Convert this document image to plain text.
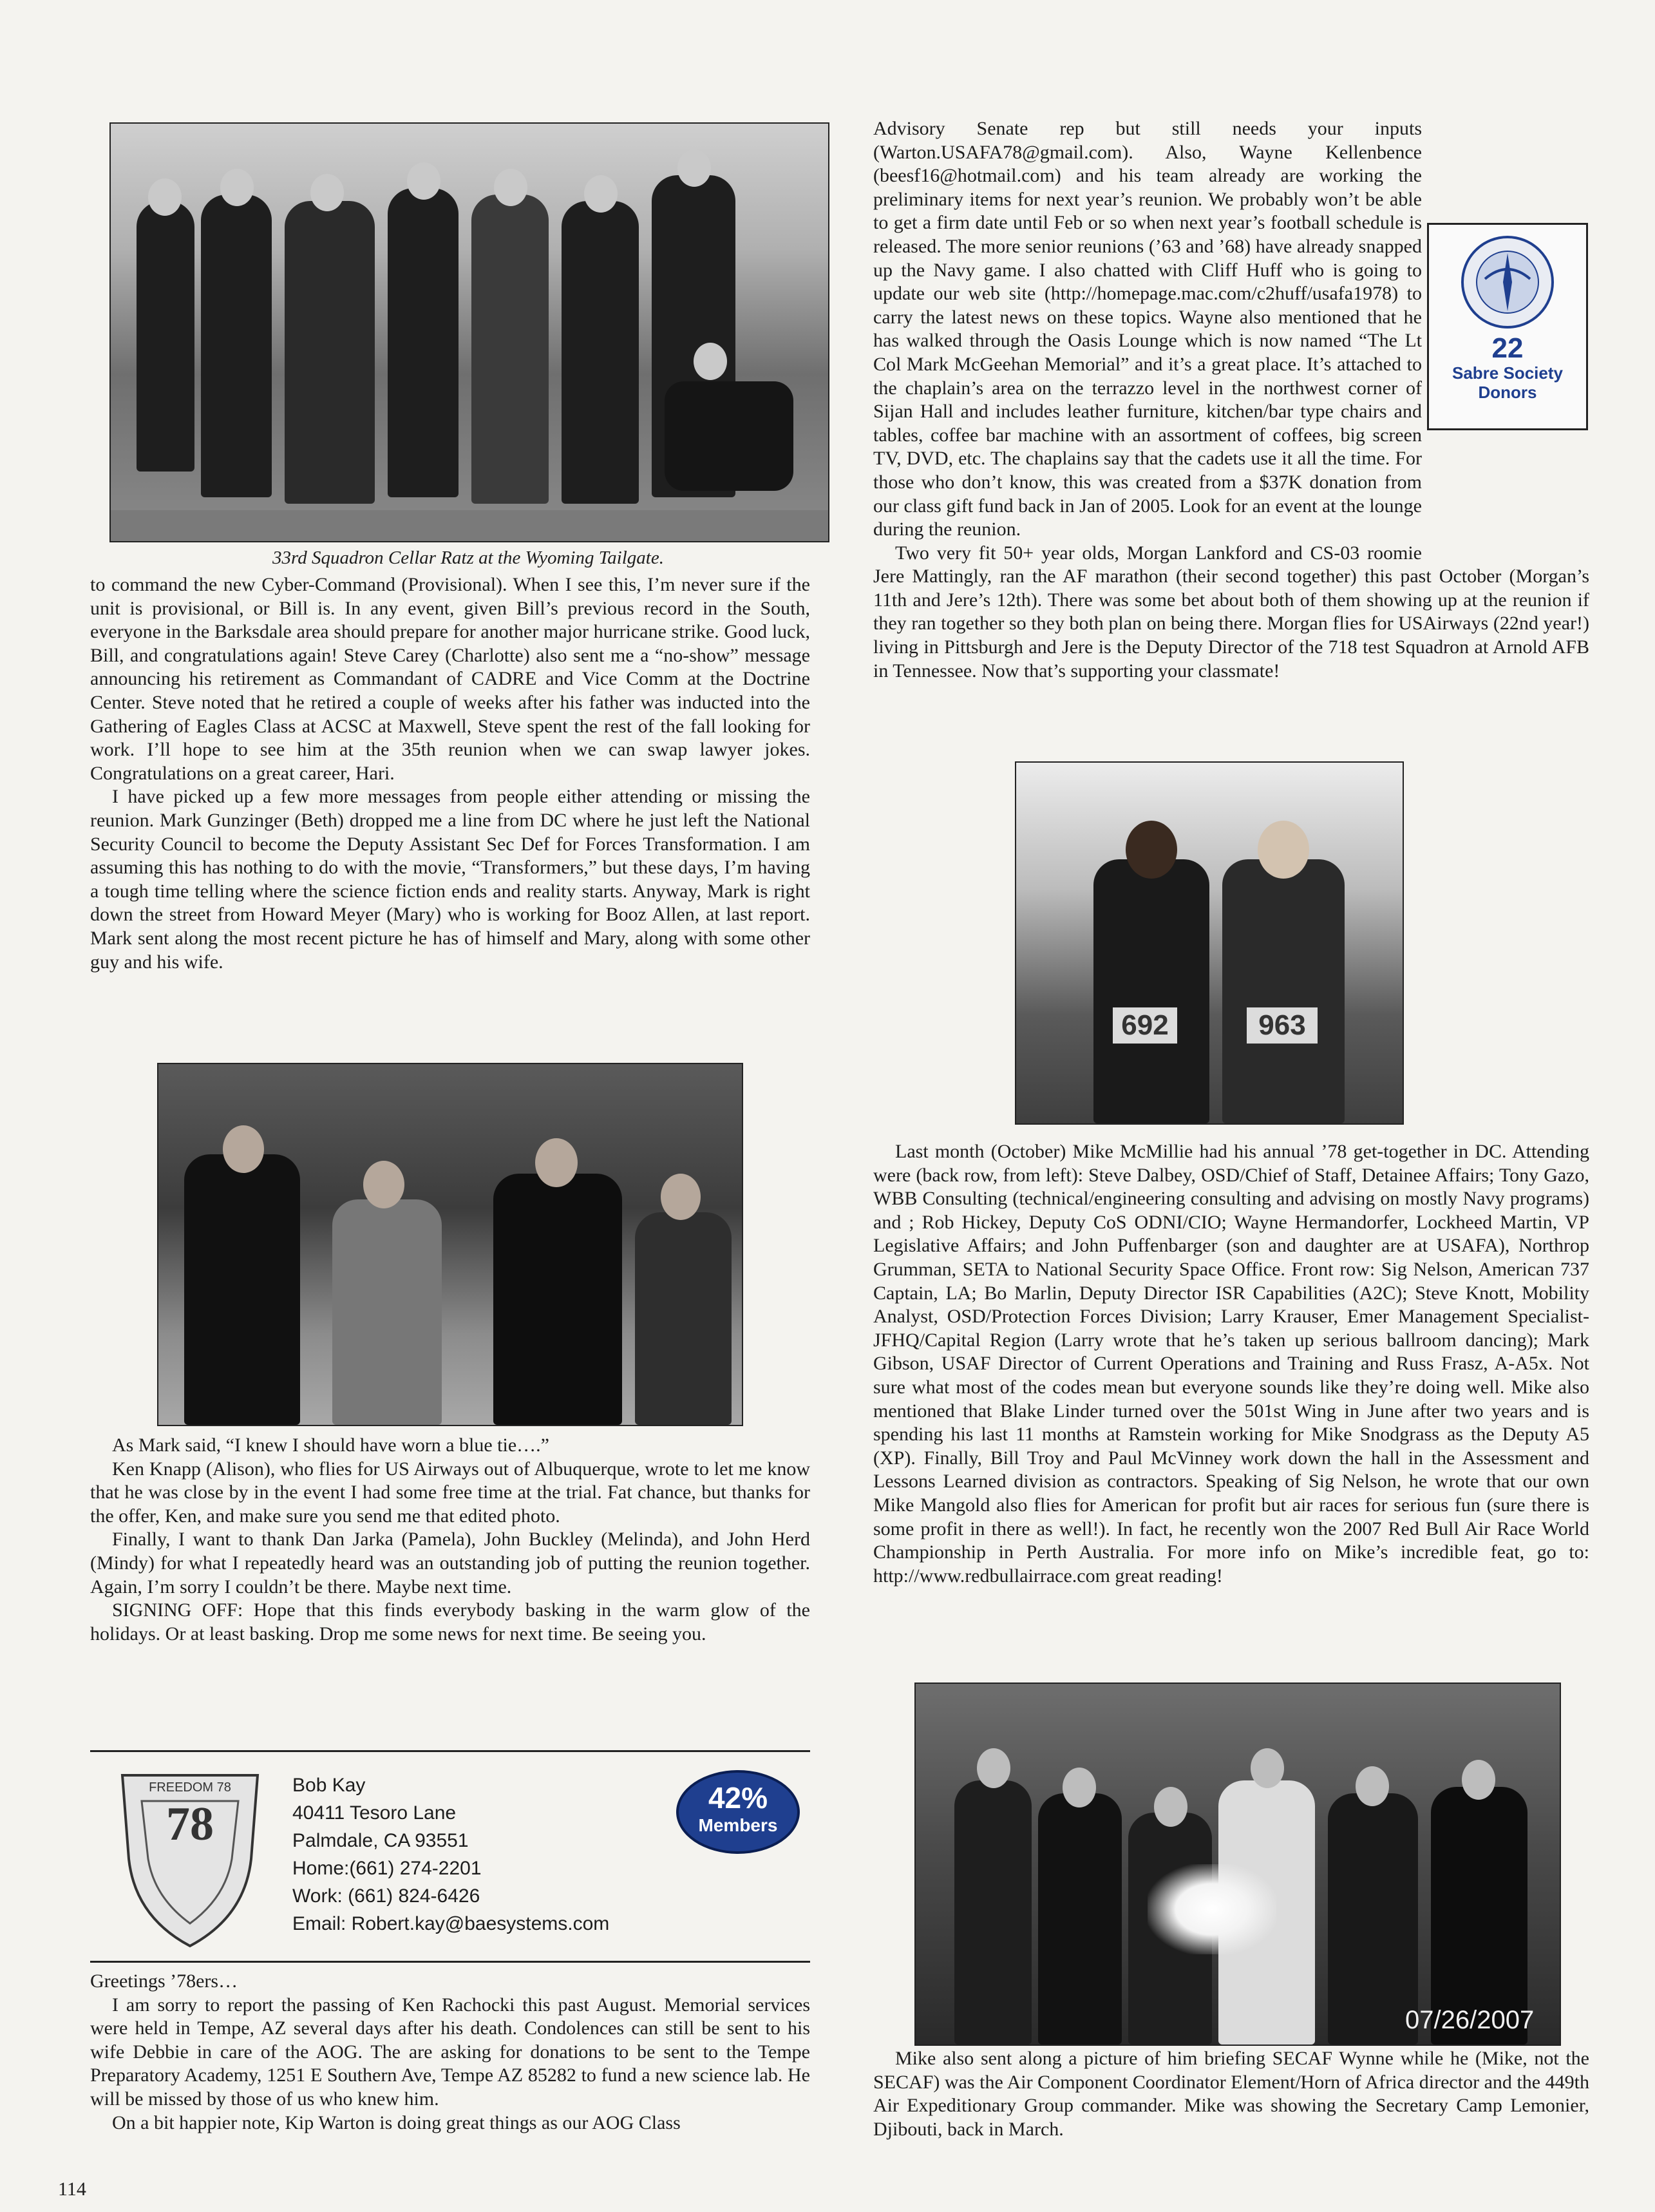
33rd Squadron Cellar Ratz at the Wyoming Tailgate.

to command the new Cyber-Command (Provisional). When I see this, I’m never sure if the unit is provisional, or Bill is. In any event, given Bill’s previous record in the South, everyone in the Barksdale area should prepare for another major hurricane strike. Good luck, Bill, and congratulations again! Steve Carey (Charlotte) also sent me a “no-show” message announcing his retirement as Commandant of CADRE and Vice Comm at the Doctrine Center. Steve noted that he retired a couple of weeks after his father was inducted into the Gathering of Eagles Class at ACSC at Maxwell, Steve spent the rest of the fall looking for work. I’ll hope to see him at the 35th reunion when we can swap lawyer jokes. Congratulations on a great career, Hari.

I have picked up a few more messages from people either attending or missing the reunion. Mark Gunzinger (Beth) dropped me a line from DC where he just left the National Security Council to become the Deputy Assistant Sec Def for Forces Transformation. I am assuming this has nothing to do with the movie, “Transformers,” but these days, I’m having a tough time telling where the science fiction ends and reality starts. Anyway, Mark is right down the street from Howard Meyer (Mary) who is working for Booz Allen, at last report. Mark sent along the most recent picture he has of himself and Mary, along with some other guy and his wife.

As Mark said, “I knew I should have worn a blue tie….”

Ken Knapp (Alison), who flies for US Airways out of Albuquerque, wrote to let me know that he was close by in the event I had some free time at the trial. Fat chance, but thanks for the offer, Ken, and make sure you send me that edited photo.

Finally, I want to thank Dan Jarka (Pamela), John Buckley (Melinda), and John Herd (Mindy) for what I repeatedly heard was an outstanding job of putting the reunion together. Again, I’m sorry I couldn’t be there. Maybe next time.

SIGNING OFF: Hope that this finds everybody basking in the warm glow of the holidays. Or at least basking. Drop me some news for next time. Be seeing you.

78
FREEDOM 78	Bob Kay
40411 Tesoro Lane
Palmdale, CA 93551
Home:(661) 274-2201
Work: (661) 824-6426
Email: Robert.kay@baesystems.com
42%
Members

Greetings ’78ers…

I am sorry to report the passing of Ken Rachocki this past August. Memorial services were held in Tempe, AZ several days after his death. Condolences can still be sent to his wife Debbie in care of the AOG. The are asking for donations to be sent to the Tempe Preparatory Academy, 1251 E Southern Ave, Tempe AZ 85282 to fund a new science lab. He will be missed by those of us who knew him.

On a bit happier note, Kip Warton is doing great things as our AOG Class

114
22
Sabre Society
Donors

Advisory Senate rep but still needs your inputs (Warton.USAFA78@gmail.com). Also, Wayne Kellenbence (beesf16@hotmail.com) and his team already are working the preliminary items for next year’s reunion. We probably won’t be able to get a firm date until Feb or so when next year’s football schedule is released. The more senior reunions (’63 and ’68) have already snapped up the Navy game. I also chatted with Cliff Huff who is going to update our web site (http://homepage.mac.com/c2huff/usafa1978) to carry the latest news on these topics. Wayne also mentioned that he has walked through the Oasis Lounge which is now named “The Lt Col Mark McGeehan Memorial” and it’s a great place. It’s attached to the chaplain’s area on the terrazzo level in the northwest corner of Sijan Hall and includes leather furniture, kitchen/bar type chairs and tables, coffee bar machine with an assortment of coffees, big screen TV, DVD, etc. The chaplains say that the cadets use it all the time. For those who don’t know, this was created from a $37K donation from our class gift fund back in Jan of 2005. Look for an event at the lounge during the reunion.

Two very fit 50+ year olds, Morgan Lankford and CS-03 roomie Jere Mattingly, ran the AF marathon (their second together) this past October (Morgan’s 11th and Jere’s 12th). There was some bet about both of them showing up at the reunion if they ran together so they both plan on being there. Morgan flies for USAirways (22nd year!) living in Pittsburgh and Jere is the Deputy Director of the 718 test Squadron at Arnold AFB in Tennessee. Now that’s supporting your classmate!

692	963

Last month (October) Mike McMillie had his annual ’78 get-together in DC. Attending were (back row, from left): Steve Dalbey, OSD/Chief of Staff, Detainee Affairs; Tony Gazo, WBB Consulting (technical/engineering consulting and advising on mostly Navy programs) and ; Rob Hickey, Deputy CoS ODNI/CIO; Wayne Hermandorfer, Lockheed Martin, VP Legislative Affairs; and John Puffenbarger (son and daughter are at USAFA), Northrop Grumman, SETA to National Security Space Office. Front row: Sig Nelson, American 737 Captain, LA; Bo Marlin, Deputy Director ISR Capabilities (A2C); Steve Knott, Mobility Analyst, OSD/Protection Forces Division; Larry Krauser, Emer Management Specialist-JFHQ/Capital Region (Larry wrote that he’s taken up serious ballroom dancing); Mark Gibson, USAF Director of Current Operations and Training and Russ Frasz, A-A5x. Not sure what most of the codes mean but everyone sounds like they’re doing well. Mike also mentioned that Blake Linder turned over the 501st Wing in June after two years and is spending his last 11 months at Ramstein working for Mike Snodgrass as the Deputy A5 (XP). Finally, Bill Troy and Paul McVinney work down the hall in the Assessment and Lessons Learned division as contractors. Speaking of Sig Nelson, he wrote that our own Mike Mangold also flies for American for profit but air races for serious fun (sure there is some profit in there as well!). In fact, he recently won the 2007 Red Bull Air Race World Championship in Perth Australia. For more info on Mike’s incredible feat, go to: http://www.redbullairrace.com great reading!

07/26/2007

Mike also sent along a picture of him briefing SECAF Wynne while he (Mike, not the SECAF) was the Air Component Coordinator Element/Horn of Africa director and the 449th Air Expeditionary Group commander. Mike was showing the Secretary Camp Lemonier, Djibouti, back in March.
